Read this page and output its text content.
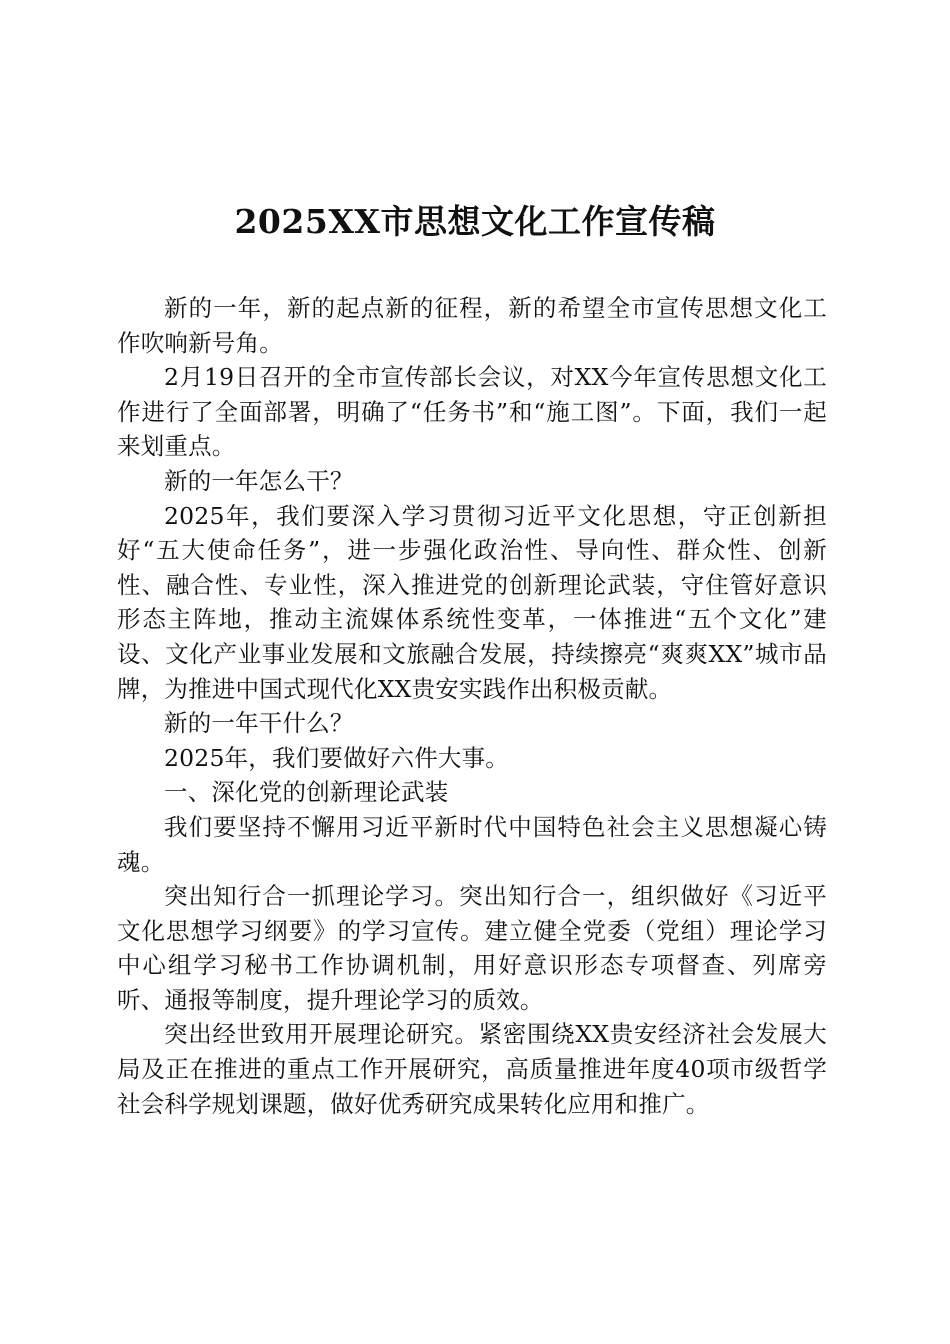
2025XX市思想文化工作宣传稿

新的一年，新的起点新的征程，新的希望全市宣传思想文化工作吹响新号角。

2月19日召开的全市宣传部长会议，对XX今年宣传思想文化工作进行了全面部署，明确了“任务书”和“施工图”。下面，我们一起来划重点。

新的一年怎么干？

2025年，我们要深入学习贯彻习近平文化思想，守正创新担好“五大使命任务”，进一步强化政治性、导向性、群众性、创新性、融合性、专业性，深入推进党的创新理论武装，守住管好意识形态主阵地，推动主流媒体系统性变革，一体推进“五个文化”建设、文化产业事业发展和文旅融合发展，持续擦亮“爽爽XX”城市品牌，为推进中国式现代化XX贵安实践作出积极贡献。

新的一年干什么？

2025年，我们要做好六件大事。

一、深化党的创新理论武装

我们要坚持不懈用习近平新时代中国特色社会主义思想凝心铸魂。

突出知行合一抓理论学习。突出知行合一，组织做好《习近平文化思想学习纲要》的学习宣传。建立健全党委（党组）理论学习中心组学习秘书工作协调机制，用好意识形态专项督查、列席旁听、通报等制度，提升理论学习的质效。

突出经世致用开展理论研究。紧密围绕XX贵安经济社会发展大局及正在推进的重点工作开展研究，高质量推进年度40项市级哲学社会科学规划课题，做好优秀研究成果转化应用和推广。
